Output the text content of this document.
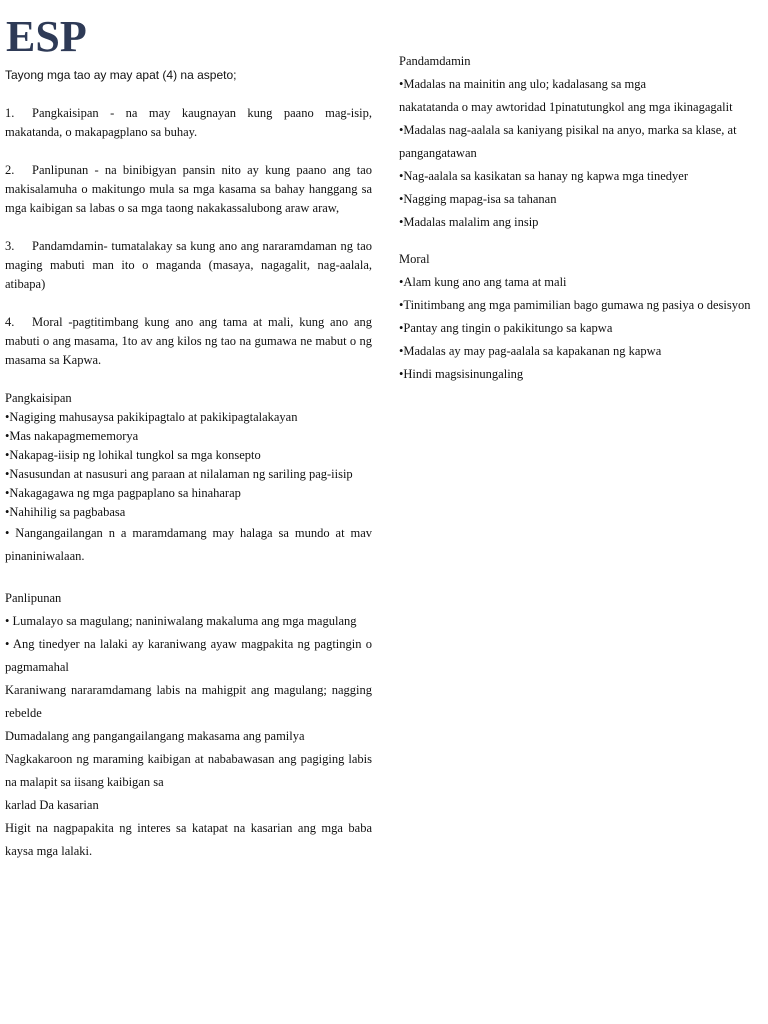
ESP

Tayong mga tao ay may apat (4) na aspeto;

1. Pangkaisipan - na may kaugnayan kung paano mag-isip, makatanda, o makapagplano sa buhay.

2. Panlipunan - na binibigyan pansin nito ay kung paano ang tao makisalamuha o makitungo mula sa mga kasama sa bahay hanggang sa mga kaibigan sa labas o sa mga taong nakakassalubong araw araw,

3. Pandamdamin- tumatalakay sa kung ano ang nararamdaman ng tao maging mabuti man ito o maganda (masaya, nagagalit, nag-aalala, atibapa)

4. Moral -pagtitimbang kung ano ang tama at mali, kung ano ang mabuti o ang masama, 1to av ang kilos ng tao na gumawa ne mabut o ng masama sa Kapwa.

Pangkaisipan

•Nagiging mahusaysa pakikipagtalo at pakikipagtalakayan

•Mas nakapagmememorya

•Nakapag-iisip ng lohikal tungkol sa mga konsepto

•Nasusundan at nasusuri ang paraan at nilalaman ng sariling pag-iisip

•Nakagagawa ng mga pagpaplano sa hinaharap

•Nahihilig sa pagbabasa

• Nangangailangan n a maramdamang may halaga sa mundo at mav pinaniniwalaan.

Panlipunan

• Lumalayo sa magulang; naniniwalang makaluma ang mga magulang

• Ang tinedyer na lalaki ay karaniwang ayaw magpakita ng pagtingin o pagmamahal

Karaniwang nararamdamang labis na mahigpit ang magulang; nagging rebelde

Dumadalang ang pangangailangang makasama ang pamilya

Nagkakaroon ng maraming kaibigan at nababawasan ang pagiging labis na malapit sa iisang kaibigan sa

karlad Da kasarian

Higit na nagpapakita ng interes sa katapat na kasarian ang mga baba kaysa mga lalaki.

Pandamdamin

•Madalas na mainitin ang ulo; kadalasang sa mga

nakatatanda o may awtoridad 1pinatutungkol ang mga ikinagagalit

•Madalas nag-aalala sa kaniyang pisikal na anyo, marka sa klase, at pangangatawan

•Nag-aalala sa kasikatan sa hanay ng kapwa mga tinedyer

•Nagging mapag-isa sa tahanan

•Madalas malalim ang insip

Moral

•Alam kung ano ang tama at mali

•Tinitimbang ang mga pamimilian bago gumawa ng pasiya o desisyon

•Pantay ang tingin o pakikitungo sa kapwa

•Madalas ay may pag-aalala sa kapakanan ng kapwa

•Hindi magsisinungaling
